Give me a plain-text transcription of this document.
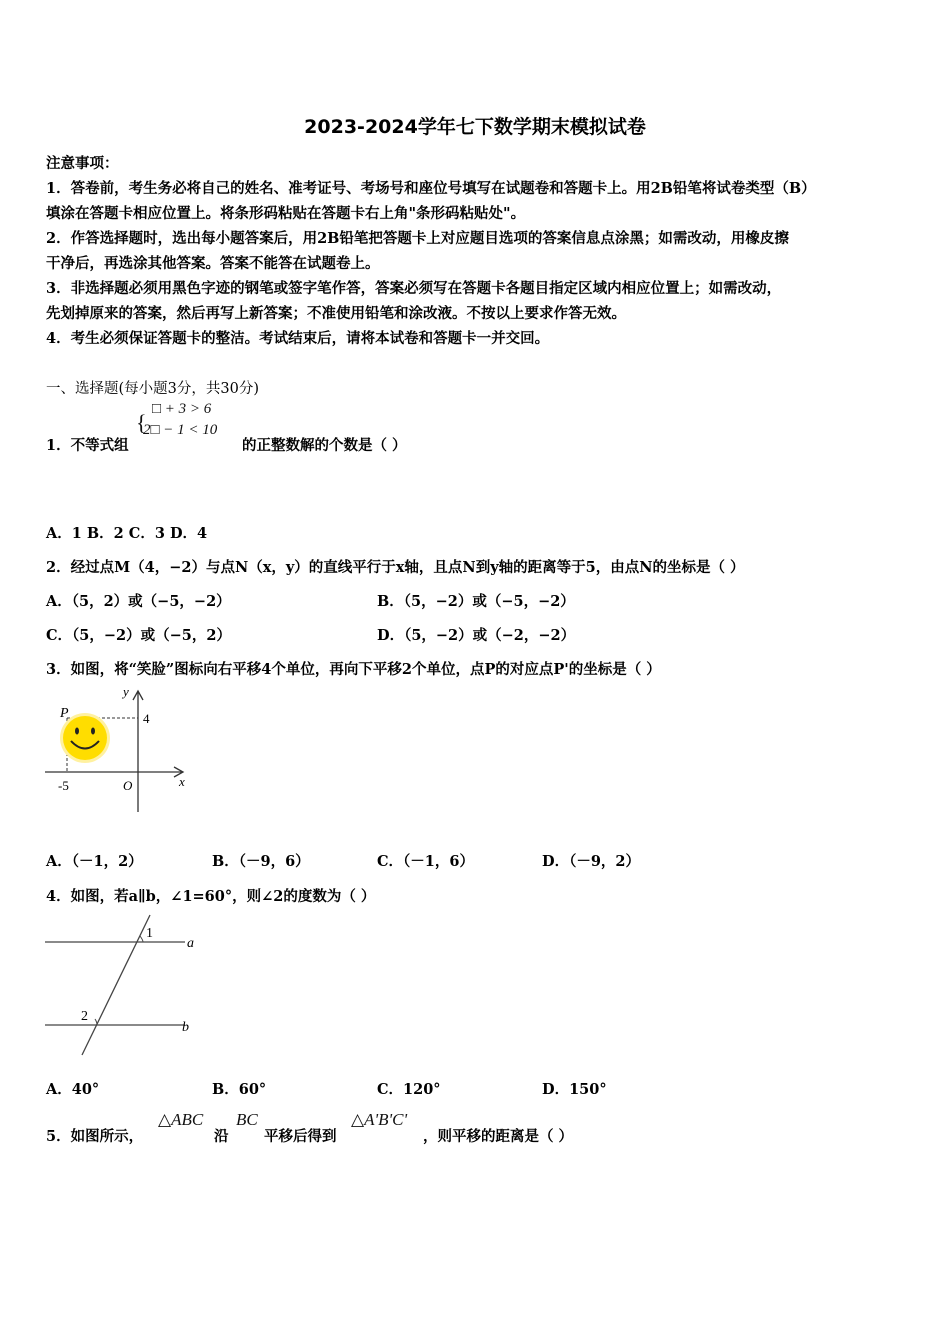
2023-2024学年七下数学期末模拟试卷
注意事项：
1．答卷前，考生务必将自己的姓名、准考证号、考场号和座位号填写在试题卷和答题卡上。用2B铅笔将试卷类型（B）
填涂在答题卡相应位置上。将条形码粘贴在答题卡右上角"条形码粘贴处"。
2．作答选择题时，选出每小题答案后，用2B铅笔把答题卡上对应题目选项的答案信息点涂黑；如需改动，用橡皮擦
干净后，再选涂其他答案。答案不能答在试题卷上。
3．非选择题必须用黑色字迹的钢笔或签字笔作答，答案必须写在答题卡各题目指定区域内相应位置上；如需改动，
先划掉原来的答案，然后再写上新答案；不准使用铅笔和涂改液。不按以上要求作答无效。
4．考生必须保证答题卡的整洁。考试结束后，请将本试卷和答题卡一并交回。
一、选择题(每小题3分，共30分)
1．不等式组
{
□ + 3 > 6
2□ − 1 < 10
的正整数解的个数是（ ）
A．1 B．2 C．3 D．4
2．经过点M（4，−2）与点N（x，y）的直线平行于x轴，且点N到y轴的距离等于5，由点N的坐标是（ ）
A．（5，2）或（−5，−2）	B．（5，−2）或（−5，−2）
C．（5，−2）或（−5，2）	D．（5，−2）或（−2，−2）
3．如图，将“笑脸”图标向右平移4个单位，再向下平移2个单位，点P的对应点P'的坐标是（ ）
P
y
4
-5	O	x
A．（－1，2）	B．（－9，6）	C．（－1，6）	D．（－9，2）
4．如图，若a∥b，∠1=60°，则∠2的度数为（ ）
1
a
2
b
A．40°	B．60°	C．120°	D．150°
5．如图所示，
△ABC
沿
BC
平移后得到
△A'B'C'
，则平移的距离是（ ）
